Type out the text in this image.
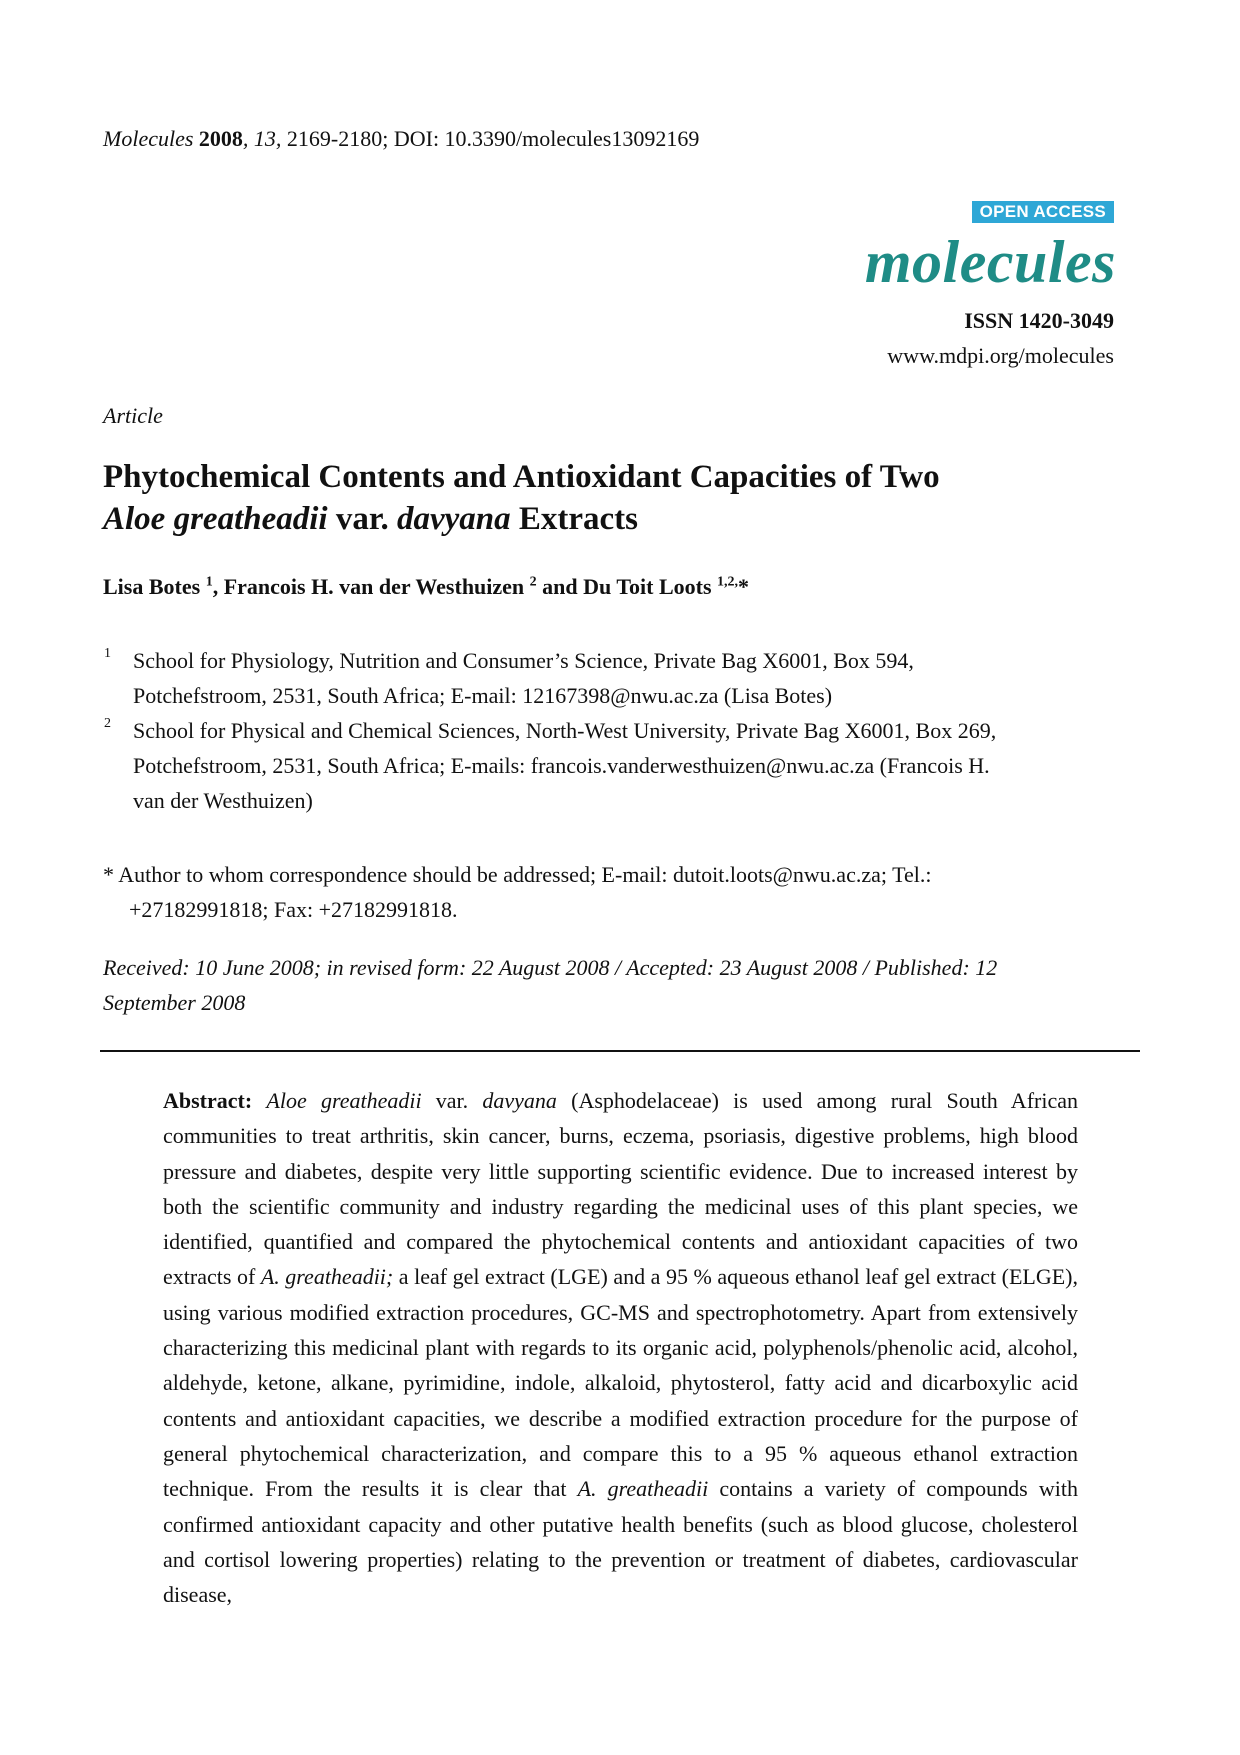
Molecules 2008, 13, 2169-2180; DOI: 10.3390/molecules13092169
OPEN ACCESS
molecules
ISSN 1420-3049
www.mdpi.org/molecules
Article
Phytochemical Contents and Antioxidant Capacities of Two
Aloe greatheadii var. davyana Extracts
Lisa Botes $^1$, Francois H. van der Westhuizen $^2$ and Du Toit Loots $^{1,2,}$*
1 School for Physiology, Nutrition and Consumer’s Science, Private Bag X6001, Box 594,
Potchefstroom, 2531, South Africa; E-mail: 12167398@nwu.ac.za (Lisa Botes)
2 School for Physical and Chemical Sciences, North-West University, Private Bag X6001, Box 269,
Potchefstroom, 2531, South Africa; E-mails: francois.vanderwesthuizen@nwu.ac.za (Francois H.
van der Westhuizen)
* Author to whom correspondence should be addressed; E-mail: dutoit.loots@nwu.ac.za; Tel.:
+27182991818; Fax: +27182991818.
Received: 10 June 2008; in revised form: 22 August 2008 / Accepted: 23 August 2008 / Published: 12
September 2008
Abstract: Aloe greatheadii var. davyana (Asphodelaceae) is used among rural South African communities to treat arthritis, skin cancer, burns, eczema, psoriasis, digestive problems, high blood pressure and diabetes, despite very little supporting scientific evidence. Due to increased interest by both the scientific community and industry regarding the medicinal uses of this plant species, we identified, quantified and compared the phytochemical contents and antioxidant capacities of two extracts of A. greatheadii; a leaf gel extract (LGE) and a 95 % aqueous ethanol leaf gel extract (ELGE), using various modified extraction procedures, GC-MS and spectrophotometry. Apart from extensively characterizing this medicinal plant with regards to its organic acid, polyphenols/phenolic acid, alcohol, aldehyde, ketone, alkane, pyrimidine, indole, alkaloid, phytosterol, fatty acid and dicarboxylic acid contents and antioxidant capacities, we describe a modified extraction procedure for the purpose of general phytochemical characterization, and compare this to a 95 % aqueous ethanol extraction technique. From the results it is clear that A. greatheadii contains a variety of compounds with confirmed antioxidant capacity and other putative health benefits (such as blood glucose, cholesterol and cortisol lowering properties) relating to the prevention or treatment of diabetes, cardiovascular disease,
